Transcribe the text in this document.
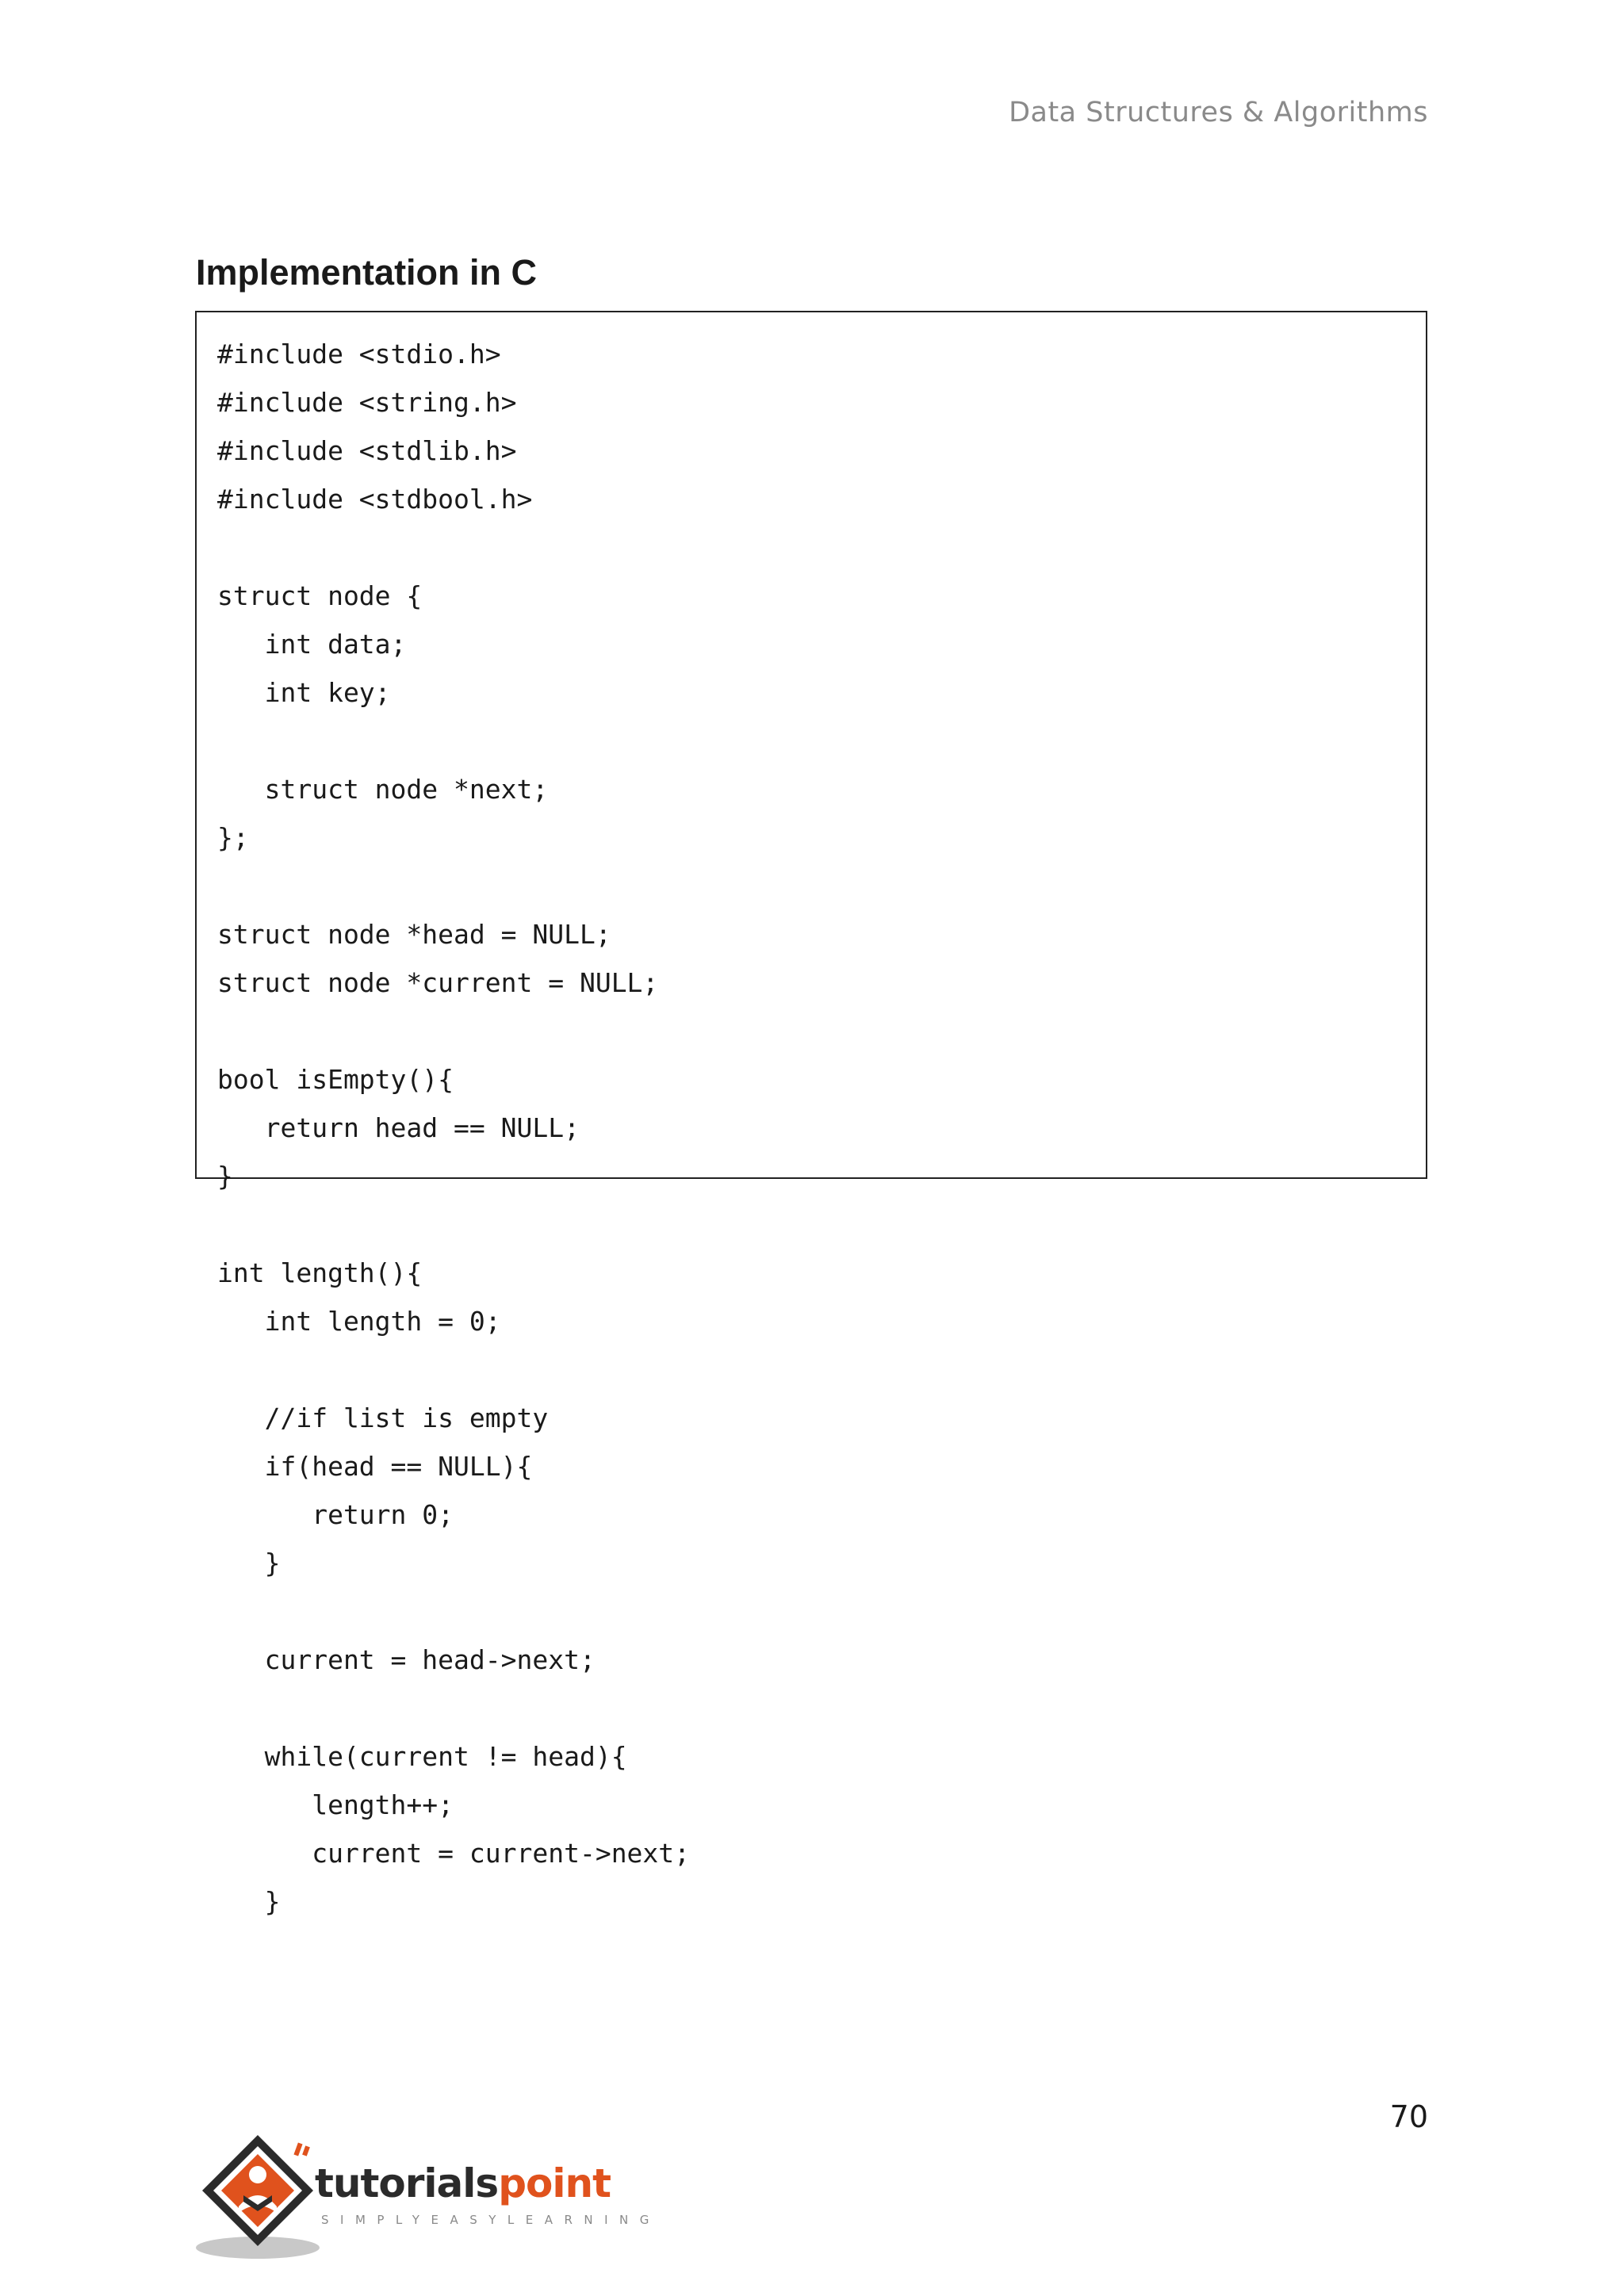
Data Structures & Algorithms
Implementation in C
#include <stdio.h>
#include <string.h>
#include <stdlib.h>
#include <stdbool.h>
struct node {
int data;
int key;
struct node *next;
};
struct node *head = NULL;
struct node *current = NULL;
bool isEmpty(){
return head == NULL;
}
int length(){
int length = 0;
//if list is empty
if(head == NULL){
return 0;
}
current = head->next;
while(current != head){
length++;
current = current->next;
}
70
tutorialspoint
SIMPLYEASYLEARNING
